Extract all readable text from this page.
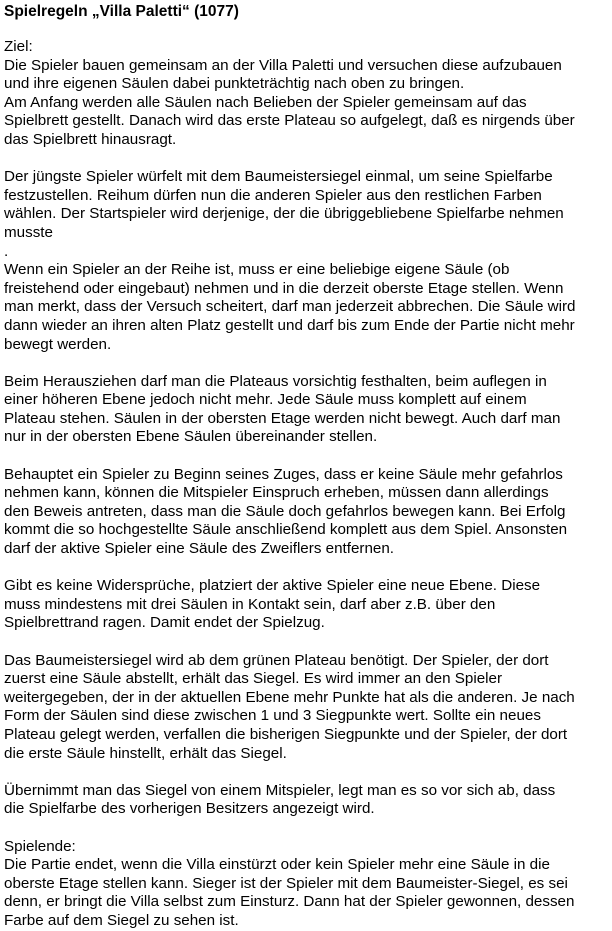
Spielregeln „Villa Paletti“ (1077)
Ziel:
Die Spieler bauen gemeinsam an der Villa Paletti und versuchen diese aufzubauen
und ihre eigenen Säulen dabei punkteträchtig nach oben zu bringen.
Am Anfang werden alle Säulen nach Belieben der Spieler gemeinsam auf das
Spielbrett gestellt. Danach wird das erste Plateau so aufgelegt, daß es nirgends über
das Spielbrett hinausragt.
Der jüngste Spieler würfelt mit dem Baumeistersiegel einmal, um seine Spielfarbe
festzustellen. Reihum dürfen nun die anderen Spieler aus den restlichen Farben
wählen. Der Startspieler wird derjenige, der die übriggebliebene Spielfarbe nehmen
musste
.
Wenn ein Spieler an der Reihe ist, muss er eine beliebige eigene Säule (ob
freistehend oder eingebaut) nehmen und in die derzeit oberste Etage stellen. Wenn
man merkt, dass der Versuch scheitert, darf man jederzeit abbrechen. Die Säule wird
dann wieder an ihren alten Platz gestellt und darf bis zum Ende der Partie nicht mehr
bewegt werden.
Beim Herausziehen darf man die Plateaus vorsichtig festhalten, beim auflegen in
einer höheren Ebene jedoch nicht mehr. Jede Säule muss komplett auf einem
Plateau stehen. Säulen in der obersten Etage werden nicht bewegt. Auch darf man
nur in der obersten Ebene Säulen übereinander stellen.
Behauptet ein Spieler zu Beginn seines Zuges, dass er keine Säule mehr gefahrlos
nehmen kann, können die Mitspieler Einspruch erheben, müssen dann allerdings
den Beweis antreten, dass man die Säule doch gefahrlos bewegen kann. Bei Erfolg
kommt die so hochgestellte Säule anschließend komplett aus dem Spiel. Ansonsten
darf der aktive Spieler eine Säule des Zweiflers entfernen.
Gibt es keine Widersprüche, platziert der aktive Spieler eine neue Ebene. Diese
muss mindestens mit drei Säulen in Kontakt sein, darf aber z.B. über den
Spielbrettrand ragen. Damit endet der Spielzug.
Das Baumeistersiegel wird ab dem grünen Plateau benötigt. Der Spieler, der dort
zuerst eine Säule abstellt, erhält das Siegel. Es wird immer an den Spieler
weitergegeben, der in der aktuellen Ebene mehr Punkte hat als die anderen. Je nach
Form der Säulen sind diese zwischen 1 und 3 Siegpunkte wert. Sollte ein neues
Plateau gelegt werden, verfallen die bisherigen Siegpunkte und der Spieler, der dort
die erste Säule hinstellt, erhält das Siegel.
Übernimmt man das Siegel von einem Mitspieler, legt man es so vor sich ab, dass
die Spielfarbe des vorherigen Besitzers angezeigt wird.
Spielende:
Die Partie endet, wenn die Villa einstürzt oder kein Spieler mehr eine Säule in die
oberste Etage stellen kann. Sieger ist der Spieler mit dem Baumeister-Siegel, es sei
denn, er bringt die Villa selbst zum Einsturz. Dann hat der Spieler gewonnen, dessen
Farbe auf dem Siegel zu sehen ist.
